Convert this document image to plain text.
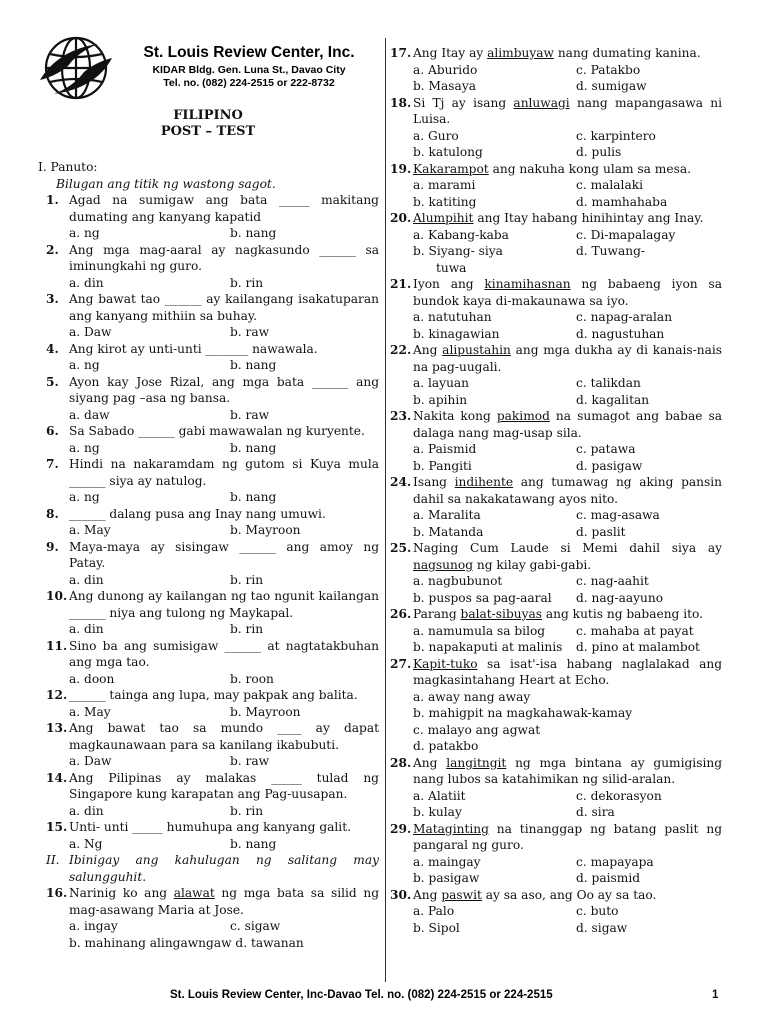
St. Louis Review Center, Inc.
KIDAR Bldg. Gen. Luna St., Davao City
Tel. no. (082) 224-2515 or 222-8732
FILIPINO
POST – TEST
I. Panuto:
Bilugan ang titik ng wastong sagot.
1. Agad na sumigaw ang bata _____ makitang dumating ang kanyang kapatid
a. ng	b. nang
2. Ang mga mag-aaral ay nagkasundo ______ sa iminungkahi ng guro.
a. din	b. rin
3. Ang bawat tao ______ ay kailangang isakatuparan ang kanyang mithiin sa buhay.
a. Daw	b. raw
4. Ang kirot ay unti-unti _______ nawawala.
a. ng	b. nang
5. Ayon kay Jose Rizal, ang mga bata ______ ang siyang pag –asa ng bansa.
a. daw	b. raw
6. Sa Sabado ______ gabi mawawalan ng kuryente.
a. ng	b. nang
7. Hindi na nakaramdam ng gutom si Kuya mula ______ siya ay natulog.
a. ng	b. nang
8. ______ dalang pusa ang Inay nang umuwi.
a. May	b. Mayroon
9. Maya-maya ay sisingaw ______ ang amoy ng Patay.
a. din	b. rin
10. Ang dunong ay kailangan ng tao ngunit kailangan ______ niya ang tulong ng Maykapal.
a. din	b. rin
11. Sino ba ang sumisigaw ______ at nagtatakbuhan ang mga tao.
a. doon	b. roon
12. ______ tainga ang lupa, may pakpak ang balita.
a. May	b. Mayroon
13. Ang bawat tao sa mundo ____ ay dapat magkaunawaan para sa kanilang ikabubuti.
a. Daw	b. raw
14. Ang Pilipinas ay malakas _____ tulad ng Singapore kung karapatan ang Pag-uusapan.
a. din	b. rin
15. Unti- unti _____ humuhupa ang kanyang galit.
a. Ng	b. nang
II. Ibinigay ang kahulugan ng salitang may salungguhit.
16. Narinig ko ang alawat ng mga bata sa silid ng mag-asawang Maria at Jose.
a. ingay	c. sigaw
b. mahinang alingawngaw d. tawanan
17. Ang Itay ay alimbuyaw nang dumating kanina.
a. Aburido	c. Patakbo
b. Masaya	d. sumigaw
18. Si Tj ay isang anluwagi nang mapangasawa ni Luisa.
a. Guro	c. karpintero
b. katulong	d. pulis
19. Kakarampot ang nakuha kong ulam sa mesa.
a. marami	c. malalaki
b. katiting	d. mamhahaba
20. Alumpihit ang Itay habang hinihintay ang Inay.
a. Kabang-kaba	c. Di-mapalagay
b. Siyang- siya	d. Tuwang-
tuwa
21. Iyon ang kinamihasnan ng babaeng iyon sa bundok kaya di-makaunawa sa iyo.
a. natutuhan	c. napag-aralan
b. kinagawian	d. nagustuhan
22. Ang alipustahin ang mga dukha ay di kanais-nais na pag-uugali.
a. layuan	c. talikdan
b. apihin	d. kagalitan
23. Nakita kong pakimod na sumagot ang babae sa dalaga nang mag-usap sila.
a. Paismid	c. patawa
b. Pangiti	d. pasigaw
24. Isang indihente ang tumawag ng aking pansin dahil sa nakakatawang ayos nito.
a. Maralita	c. mag-asawa
b. Matanda	d. paslit
25. Naging Cum Laude si Memi dahil siya ay nagsunog ng kilay gabi-gabi.
a. nagbubunot	c. nag-aahit
b. puspos sa pag-aaral d. nag-aayuno
26. Parang balat-sibuyas ang kutis ng babaeng ito.
a. namumula sa bilog	c. mahaba at payat
b. napakaputi at malinis d. pino at malambot
27. Kapit-tuko sa isat'-isa habang naglalakad ang magkasintahang Heart at Echo.
a. away nang away
b. mahigpit na magkahawak-kamay
c. malayo ang agwat
d. patakbo
28. Ang langitngit ng mga bintana ay gumigising nang lubos sa katahimikan ng silid-aralan.
a. Alatiit	c. dekorasyon
b. kulay	d. sira
29. Mataginting na tinanggap ng batang paslit ng pangaral ng guro.
a. maingay	c. mapayapa
b. pasigaw	d. paismid
30. Ang paswit ay sa aso, ang Oo ay sa tao.
a. Palo	c. buto
b. Sipol	d. sigaw
St. Louis Review Center, Inc-Davao Tel. no. (082) 224-2515 or 224-2515	1
